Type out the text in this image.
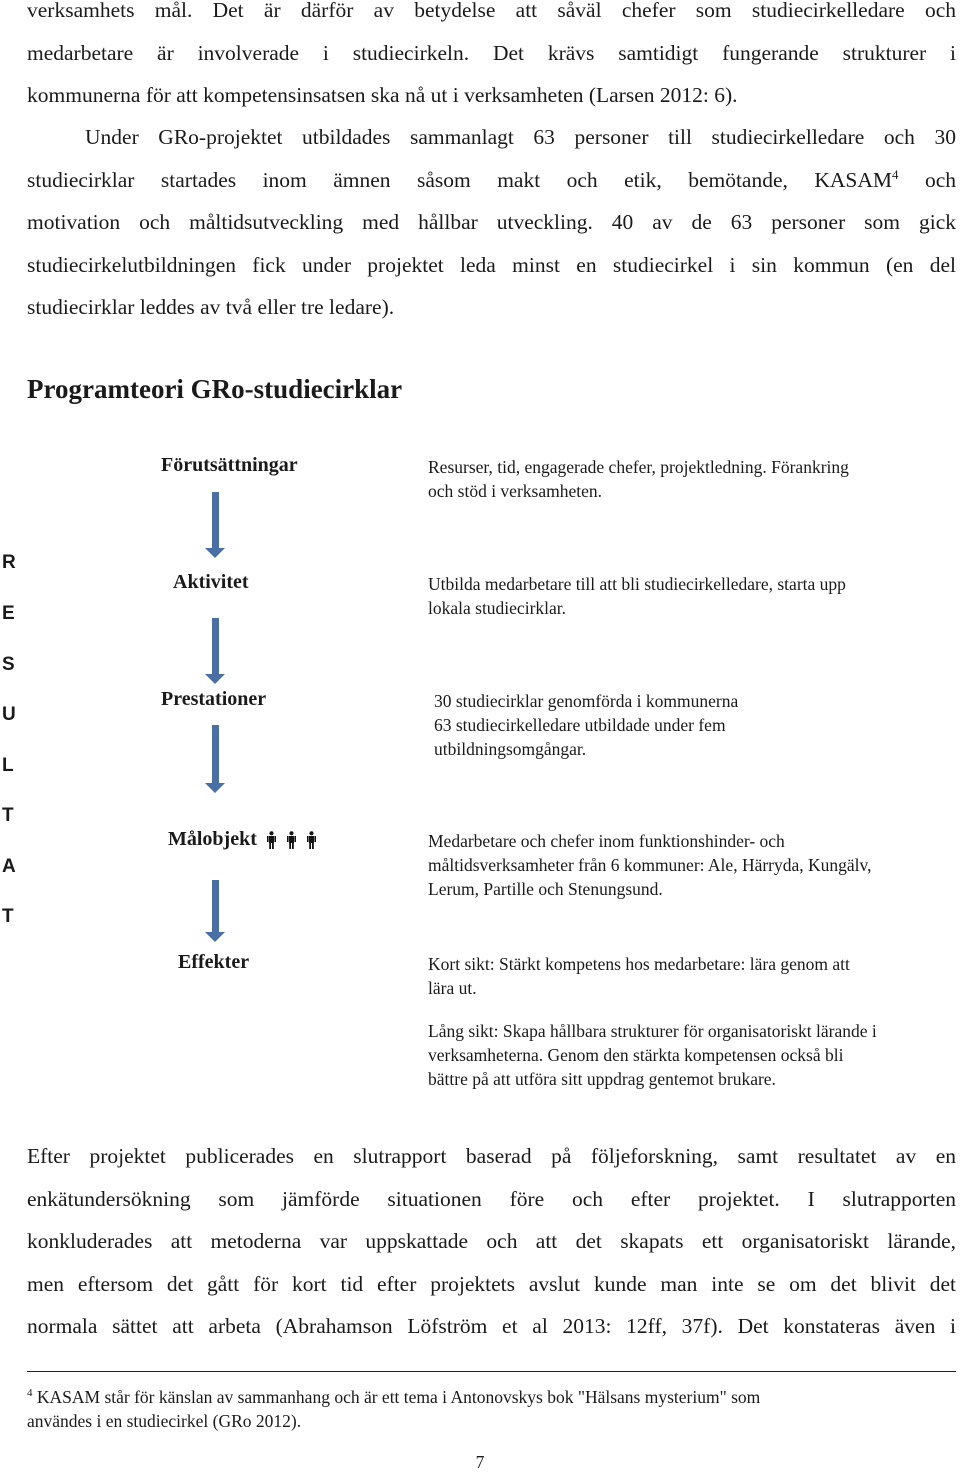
verksamhets mål. Det är därför av betydelse att såväl chefer som studiecirkelledare och
medarbetare är involverade i studiecirkeln. Det krävs samtidigt fungerande strukturer i
kommunerna för att kompetensinsatsen ska nå ut i verksamheten (Larsen 2012: 6).
Under GRo-projektet utbildades sammanlagt 63 personer till studiecirkelledare och 30
studiecirklar startades inom ämnen såsom makt och etik, bemötande, KASAM$^4$ och
motivation och måltidsutveckling med hållbar utveckling. 40 av de 63 personer som gick
studiecirkelutbildningen fick under projektet leda minst en studiecirkel i sin kommun (en del
studiecirklar leddes av två eller tre ledare).
Programteori GRo-studiecirklar
R
E
S
U
L
T
A
T
Förutsättningar	Resurser, tid, engagerade chefer, projektledning. Förankring
och stöd i verksamheten.
Aktivitet	Utbilda medarbetare till att bli studiecirkelledare, starta upp
lokala studiecirklar.
Prestationer	30 studiecirklar genomförda i kommunerna
63 studiecirkelledare utbildade under fem
utbildningsomgångar.
Målobjekt	Medarbetare och chefer inom funktionshinder- och
måltidsverksamheter från 6 kommuner: Ale, Härryda, Kungälv,
Lerum, Partille och Stenungsund.
Effekter	Kort sikt: Stärkt kompetens hos medarbetare: lära genom att
lära ut.
Lång sikt: Skapa hållbara strukturer för organisatoriskt lärande i
verksamheterna. Genom den stärkta kompetensen också bli
bättre på att utföra sitt uppdrag gentemot brukare.
Efter projektet publicerades en slutrapport baserad på följeforskning, samt resultatet av en
enkätundersökning som jämförde situationen före och efter projektet. I slutrapporten
konkluderades att metoderna var uppskattade och att det skapats ett organisatoriskt lärande,
men eftersom det gått för kort tid efter projektets avslut kunde man inte se om det blivit det
normala sättet att arbeta (Abrahamson Löfström et al 2013: 12ff, 37f). Det konstateras även i
$^4$ KASAM står för känslan av sammanhang och är ett tema i Antonovskys bok "Hälsans mysterium" som
användes i en studiecirkel (GRo 2012).
7
